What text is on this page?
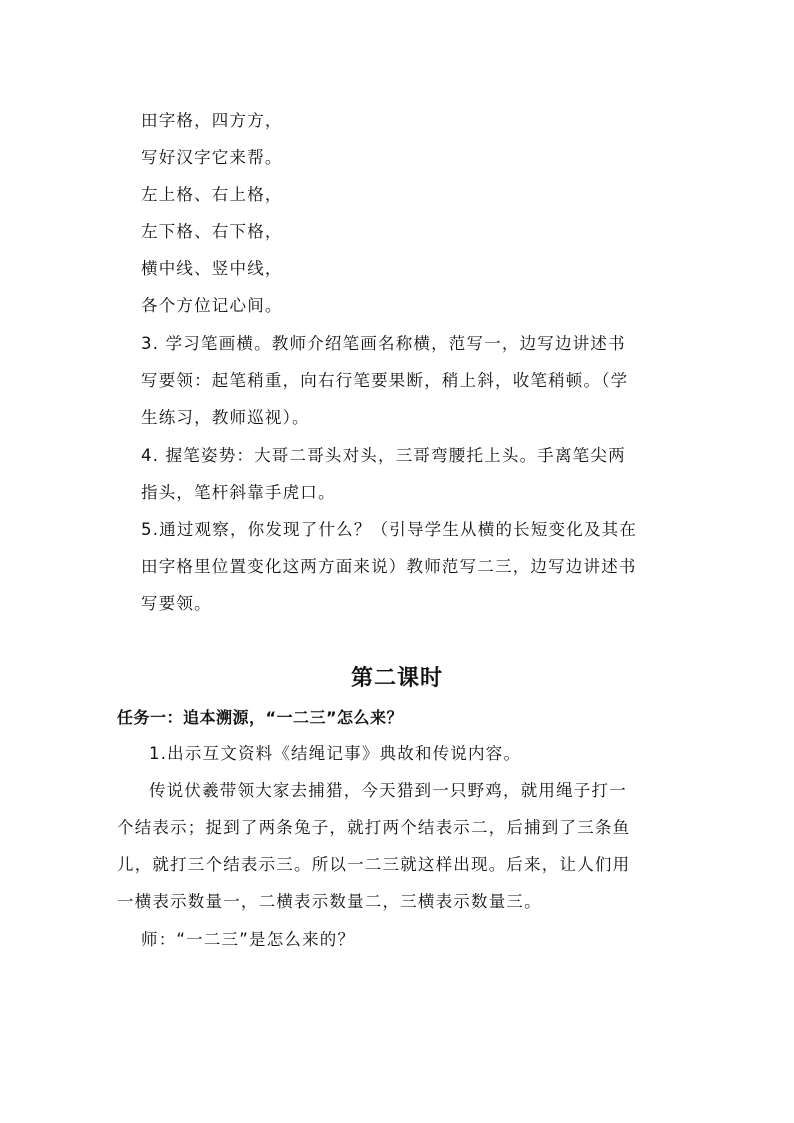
田字格，四方方，
写好汉字它来帮。
左上格、右上格，
左下格、右下格，
横中线、竖中线，
各个方位记心间。
3. 学习笔画横。教师介绍笔画名称横，范写一，边写边讲述书
写要领：起笔稍重，向右行笔要果断，稍上斜，收笔稍顿。（学
生练习，教师巡视）。
4. 握笔姿势：大哥二哥头对头，三哥弯腰托上头。手离笔尖两
指头，笔杆斜靠手虎口。
5.通过观察，你发现了什么？（引导学生从横的长短变化及其在
田字格里位置变化这两方面来说）教师范写二三，边写边讲述书
写要领。
第二课时
任务一：追本溯源，“一二三”怎么来？
1.出示互文资料《结绳记事》典故和传说内容。
传说伏羲带领大家去捕猎，今天猎到一只野鸡，就用绳子打一
个结表示；捉到了两条兔子，就打两个结表示二，后捕到了三条鱼
儿，就打三个结表示三。所以一二三就这样出现。后来，让人们用
一横表示数量一，二横表示数量二，三横表示数量三。
师：“一二三”是怎么来的？
